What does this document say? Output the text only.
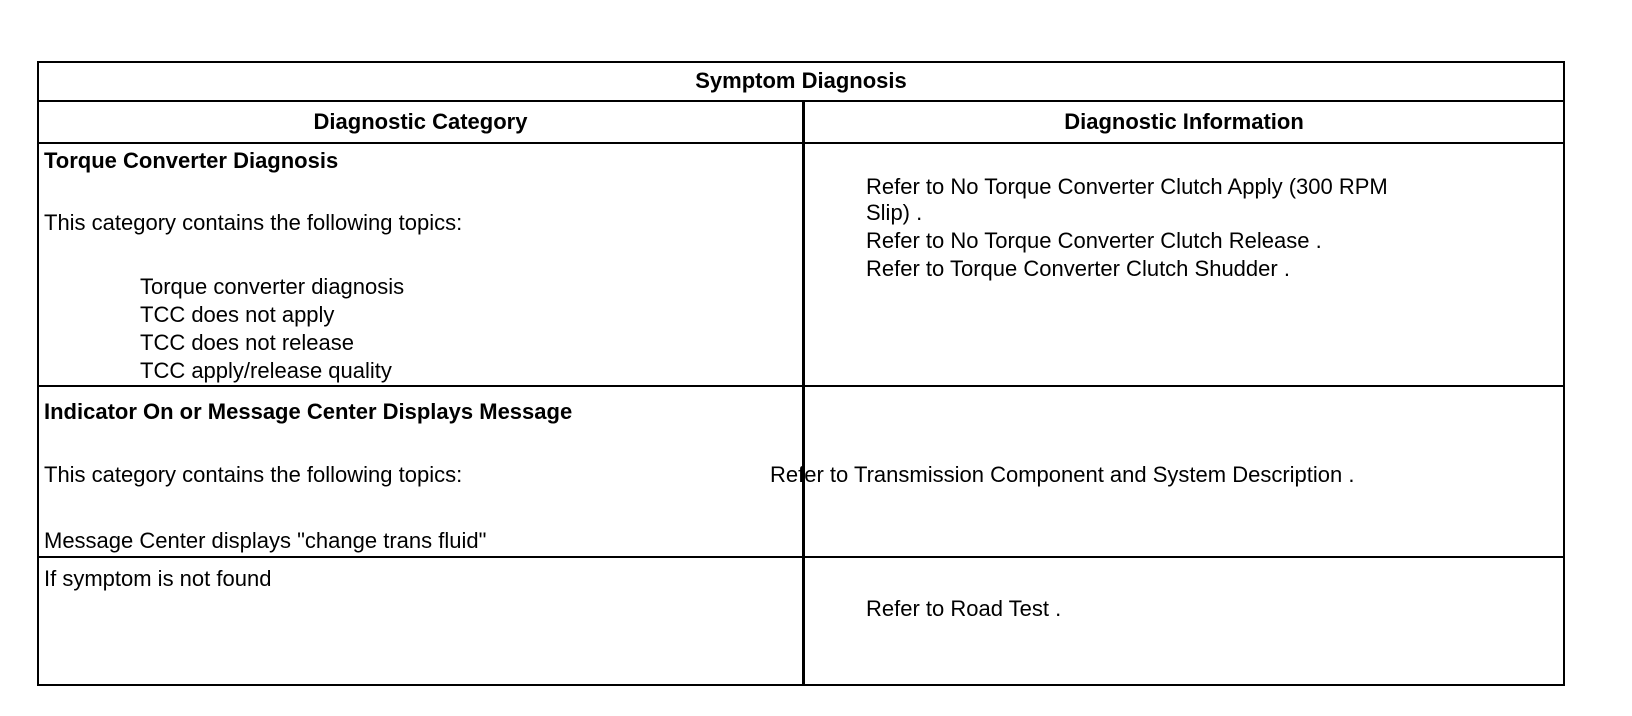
Symptom Diagnosis
Diagnostic Category	Diagnostic Information
Torque Converter Diagnosis
This category contains the following topics:
Torque converter diagnosis
TCC does not apply
TCC does not release
TCC apply/release quality
Refer to No Torque Converter Clutch Apply (300 RPM
Slip) .
Refer to No Torque Converter Clutch Release .
Refer to Torque Converter Clutch Shudder .
Indicator On or Message Center Displays Message
This category contains the following topics:
Message Center displays "change trans fluid"
Refer to Transmission Component and System Description .
If symptom is not found
Refer to Road Test .
